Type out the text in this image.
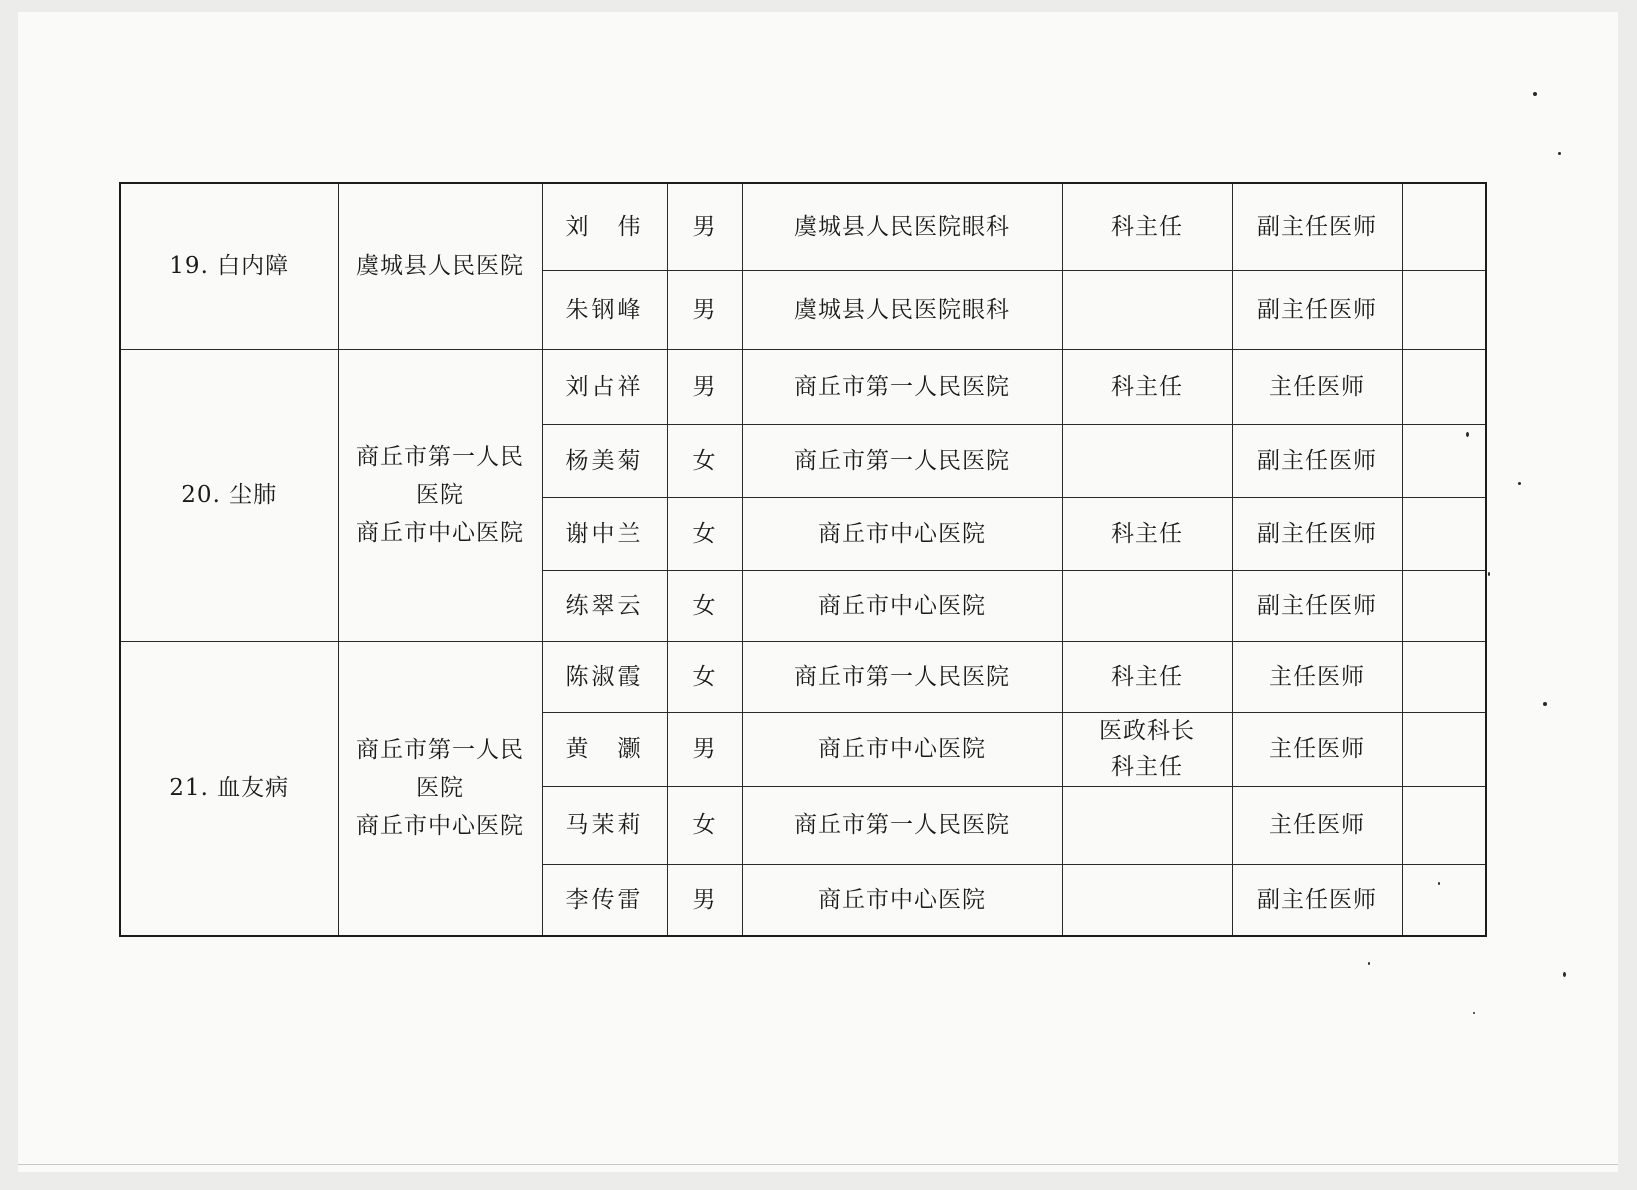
19. 白内障	虞城县人民医院	刘　伟	男	虞城县人民医院眼科	科主任	副主任医师	
		朱钢峰	男	虞城县人民医院眼科		副主任医师	
20. 尘肺	商丘市第一人民
医院
商丘市中心医院	刘占祥	男	商丘市第一人民医院	科主任	主任医师	
		杨美菊	女	商丘市第一人民医院		副主任医师	
		谢中兰	女	商丘市中心医院	科主任	副主任医师	
		练翠云	女	商丘市中心医院		副主任医师	
21. 血友病	商丘市第一人民
医院
商丘市中心医院	陈淑霞	女	商丘市第一人民医院	科主任	主任医师	
		黄　灏	男	商丘市中心医院	医政科长
科主任	主任医师	
		马茉莉	女	商丘市第一人民医院		主任医师	
		李传雷	男	商丘市中心医院		副主任医师	
